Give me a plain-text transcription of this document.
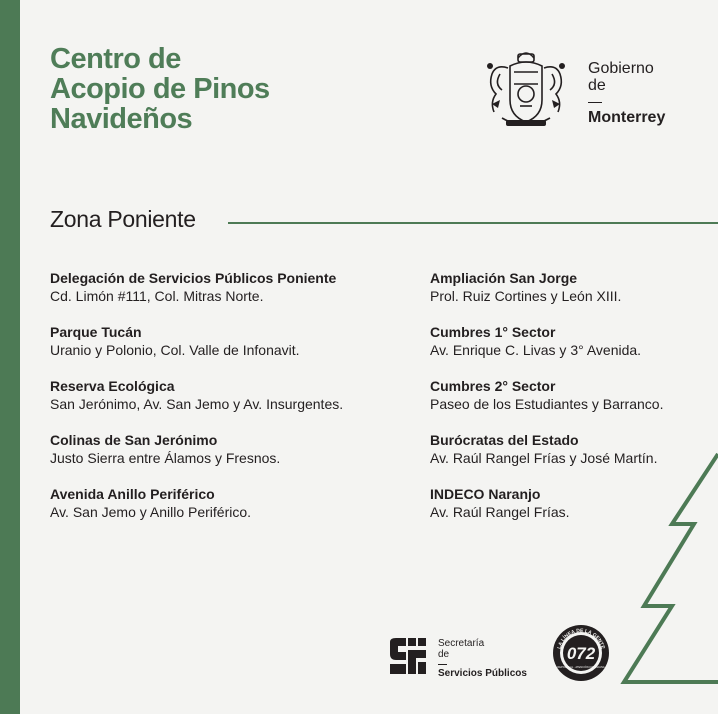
Centro de
Acopio de Pinos
Navideños
Gobierno
de
Monterrey
Zona Poniente
Delegación de Servicios Públicos Poniente
Cd. Limón #111, Col. Mitras Norte.
Parque Tucán
Uranio y Polonio, Col. Valle de Infonavit.
Reserva Ecológica
San Jerónimo, Av. San Jemo y Av. Insurgentes.
Colinas de San Jerónimo
Justo Sierra entre Álamos y Fresnos.
Avenida Anillo Periférico
Av. San Jemo y Anillo Periférico.
Ampliación San Jorge
Prol. Ruiz Cortines y León XIII.
Cumbres 1° Sector
Av. Enrique C. Livas y 3° Avenida.
Cumbres 2° Sector
Paseo de los Estudiantes y Barranco.
Burócratas del Estado
Av. Raúl Rangel Frías y José Martín.
INDECO Naranjo
Av. Raúl Rangel Frías.
Secretaría
de
Servicios Públicos
LA LÍNEA DE LA GENTE
072
REPORTA AL · ATENCIÓN CIUDADANA
